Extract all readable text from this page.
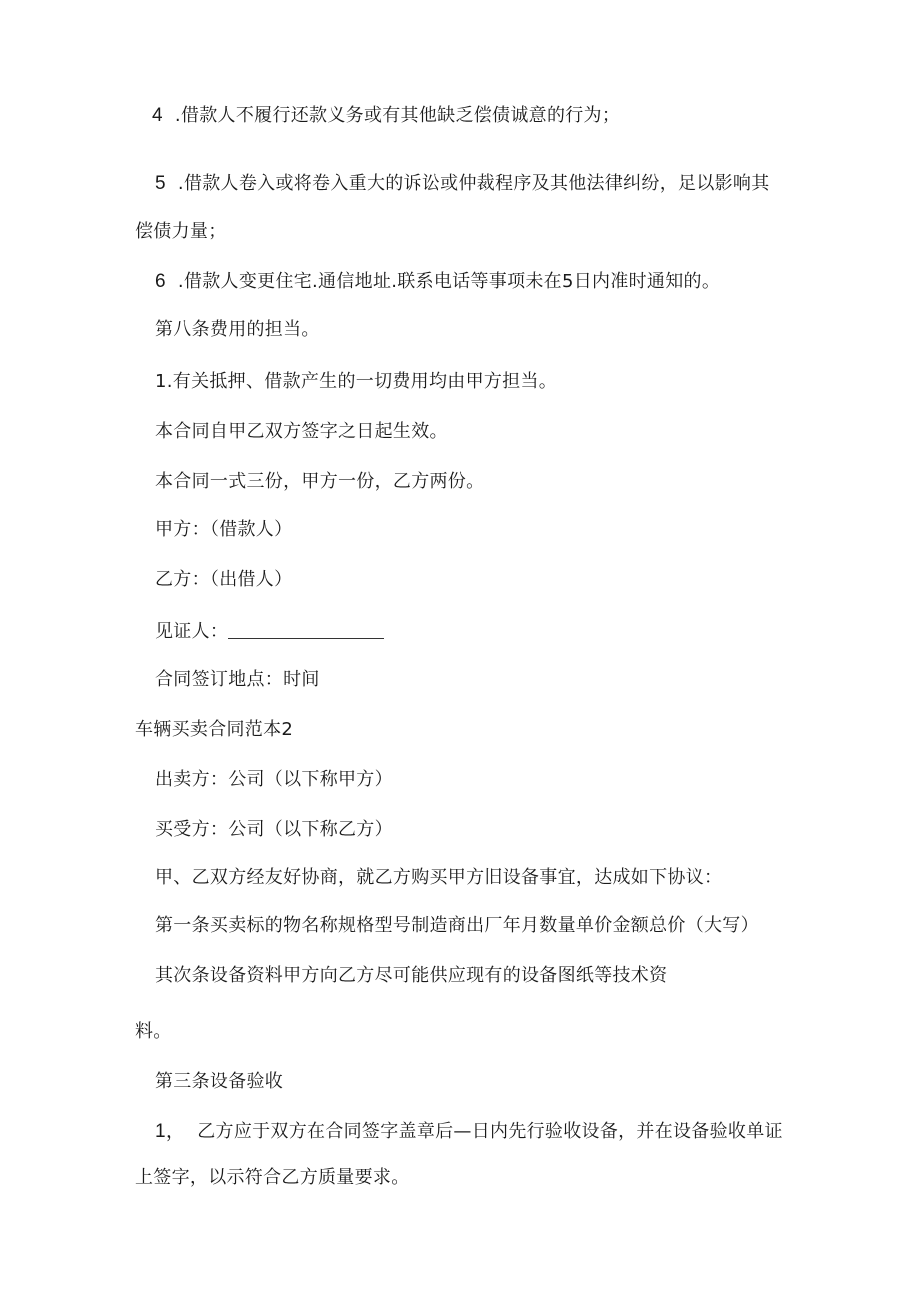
4  .借款人不履行还款义务或有其他缺乏偿债诚意的行为；
5  .借款人卷入或将卷入重大的诉讼或仲裁程序及其他法律纠纷，足以影响其
偿债力量；
6  .借款人变更住宅.通信地址.联系电话等事项未在5日内准时通知的。
第八条费用的担当。
1.有关抵押、借款产生的一切费用均由甲方担当。
本合同自甲乙双方签字之日起生效。
本合同一式三份，甲方一份，乙方两份。
甲方：（借款人）
乙方：（出借人）
见证人：
合同签订地点：时间
车辆买卖合同范本2
出卖方：公司（以下称甲方）
买受方：公司（以下称乙方）
甲、乙双方经友好协商，就乙方购买甲方旧设备事宜，达成如下协议：
第一条买卖标的物名称规格型号制造商出厂年月数量单价金额总价（大写）
其次条设备资料甲方向乙方尽可能供应现有的设备图纸等技术资
料。
第三条设备验收
1，  乙方应于双方在合同签字盖章后—日内先行验收设备，并在设备验收单证
上签字，以示符合乙方质量要求。
